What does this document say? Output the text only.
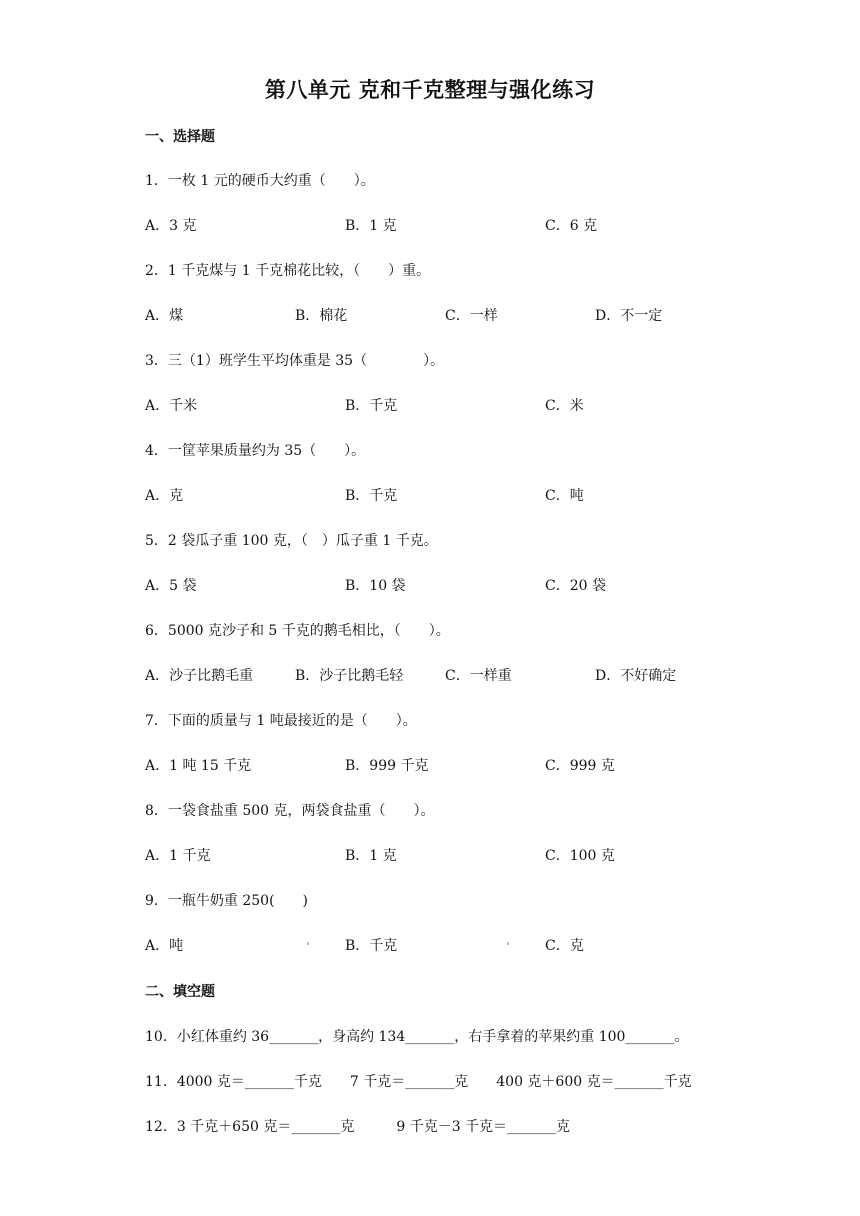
第八单元 克和千克整理与强化练习
一、选择题
1．一枚 1 元的硬币大约重（　　）。
A．3 克	B．1 克	C．6 克
2．1 千克煤与 1 千克棉花比较，（　　）重。
A．煤	B．棉花	C．一样	D．不一定
3．三（1）班学生平均体重是 35（　　　　）。
A．千米	B．千克	C．米
4．一筐苹果质量约为 35（　　）。
A．克	B．千克	C．吨
5．2 袋瓜子重 100 克，（　）瓜子重 1 千克。
A．5 袋	B．10 袋	C．20 袋
6．5000 克沙子和 5 千克的鹅毛相比，（　　）。
A．沙子比鹅毛重	B．沙子比鹅毛轻	C．一样重	D．不好确定
7．下面的质量与 1 吨最接近的是（　　）。
A．1 吨 15 千克	B．999 千克	C．999 克
8．一袋食盐重 500 克，两袋食盐重（　　）。
A．1 千克	B．1 克	C．100 克
9．一瓶牛奶重 250(　　)
A．吨	B．千克	C．克
二、填空题
10．小红体重约 36_______，身高约 134_______，右手拿着的苹果约重 100_______。
11．4000 克＝_______千克　　7 千克＝_______克　　400 克＋600 克＝_______千克
12．3 千克＋650 克＝_______克　　　9 千克－3 千克＝_______克
